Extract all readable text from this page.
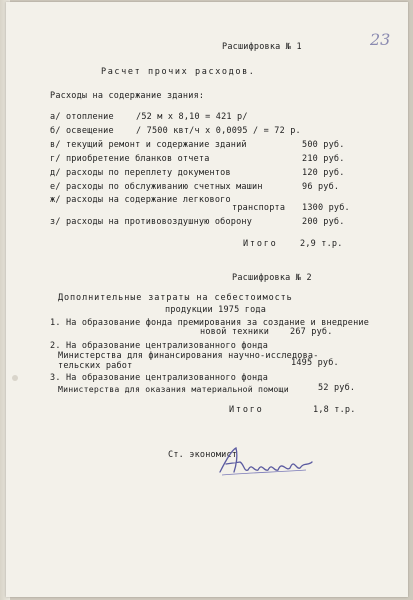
23
Расшифровка № 1
Расчет прочих расходов.
Расходы на содержание здания:
а/ отопление	/52 м х 8,10 = 421 р/
б/ освещение	/ 7500 квт/ч х 0,0095 / = 72 р.
в/ текущий ремонт и содержание зданий	500 руб.
г/ приобретение бланков отчета	210 руб.
д/ расходы по переплету документов	120 руб.
е/ расходы по обслуживанию счетных машин	96 руб.
ж/ расходы на содержание легкового
транспорта 1300 руб.
з/ расходы на противовоздушную оборону	200 руб.
Итого	2,9 т.р.
Расшифровка № 2
Дополнительные затраты на себестоимость
продукции 1975 года
1. На образование фонда премирования за создание и внедрение
новой техники 267 руб.
2. На образование централизованного фонда
Министерства для финансирования научно-исследова-
тельских работ	1495 руб.
3. На образование централизованного фонда
Министерства для оказания материальной помощи	52 руб.
Итого	1,8 т.р.
Ст. экономист
